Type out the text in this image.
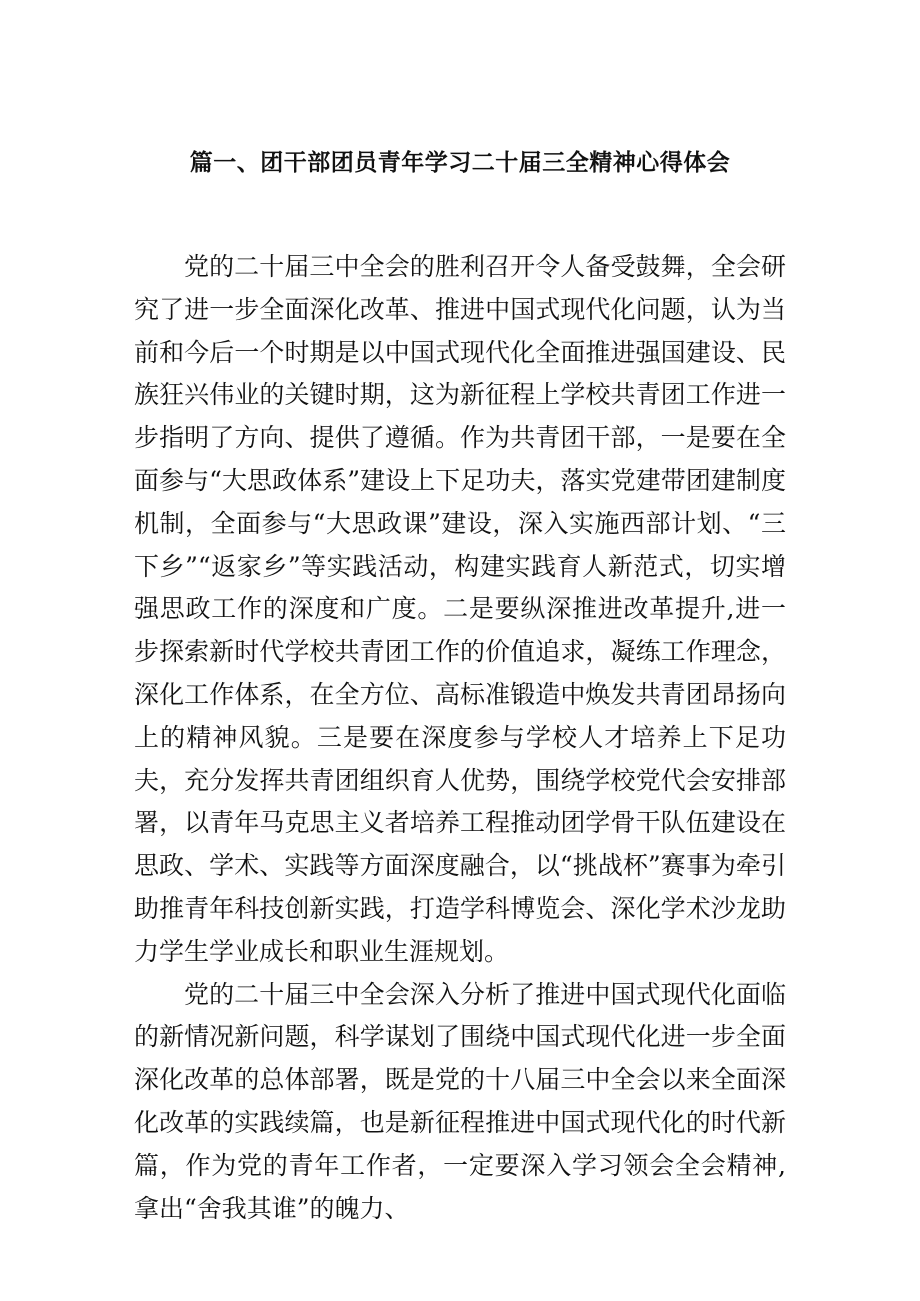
篇一、团干部团员青年学习二十届三全精神心得体会

党的二十届三中全会的胜利召开令人备受鼓舞，全会研究了进一步全面深化改革、推进中国式现代化问题，认为当前和今后一个时期是以中国式现代化全面推进强国建设、民族狂兴伟业的关键时期，这为新征程上学校共青团工作进一步指明了方向、提供了遵循。作为共青团干部，一是要在全面参与“大思政体系”建设上下足功夫，落实党建带团建制度机制，全面参与“大思政课”建设，深入实施西部计划、“三下乡”“返家乡”等实践活动，构建实践育人新范式，切实增强思政工作的深度和广度。二是要纵深推进改革提升,进一步探索新时代学校共青团工作的价值追求，凝练工作理念，深化工作体系，在全方位、高标准锻造中焕发共青团昂扬向上的精神风貌。三是要在深度参与学校人才培养上下足功夫，充分发挥共青团组织育人优势，围绕学校党代会安排部署，以青年马克思主义者培养工程推动团学骨干队伍建设在思政、学术、实践等方面深度融合，以“挑战杯”赛事为牵引助推青年科技创新实践，打造学科博览会、深化学术沙龙助力学生学业成长和职业生涯规划。

党的二十届三中全会深入分析了推进中国式现代化面临的新情况新问题，科学谋划了围绕中国式现代化进一步全面深化改革的总体部署，既是党的十八届三中全会以来全面深化改革的实践续篇，也是新征程推进中国式现代化的时代新篇，作为党的青年工作者，一定要深入学习领会全会精神,拿出“舍我其谁”的魄力、
